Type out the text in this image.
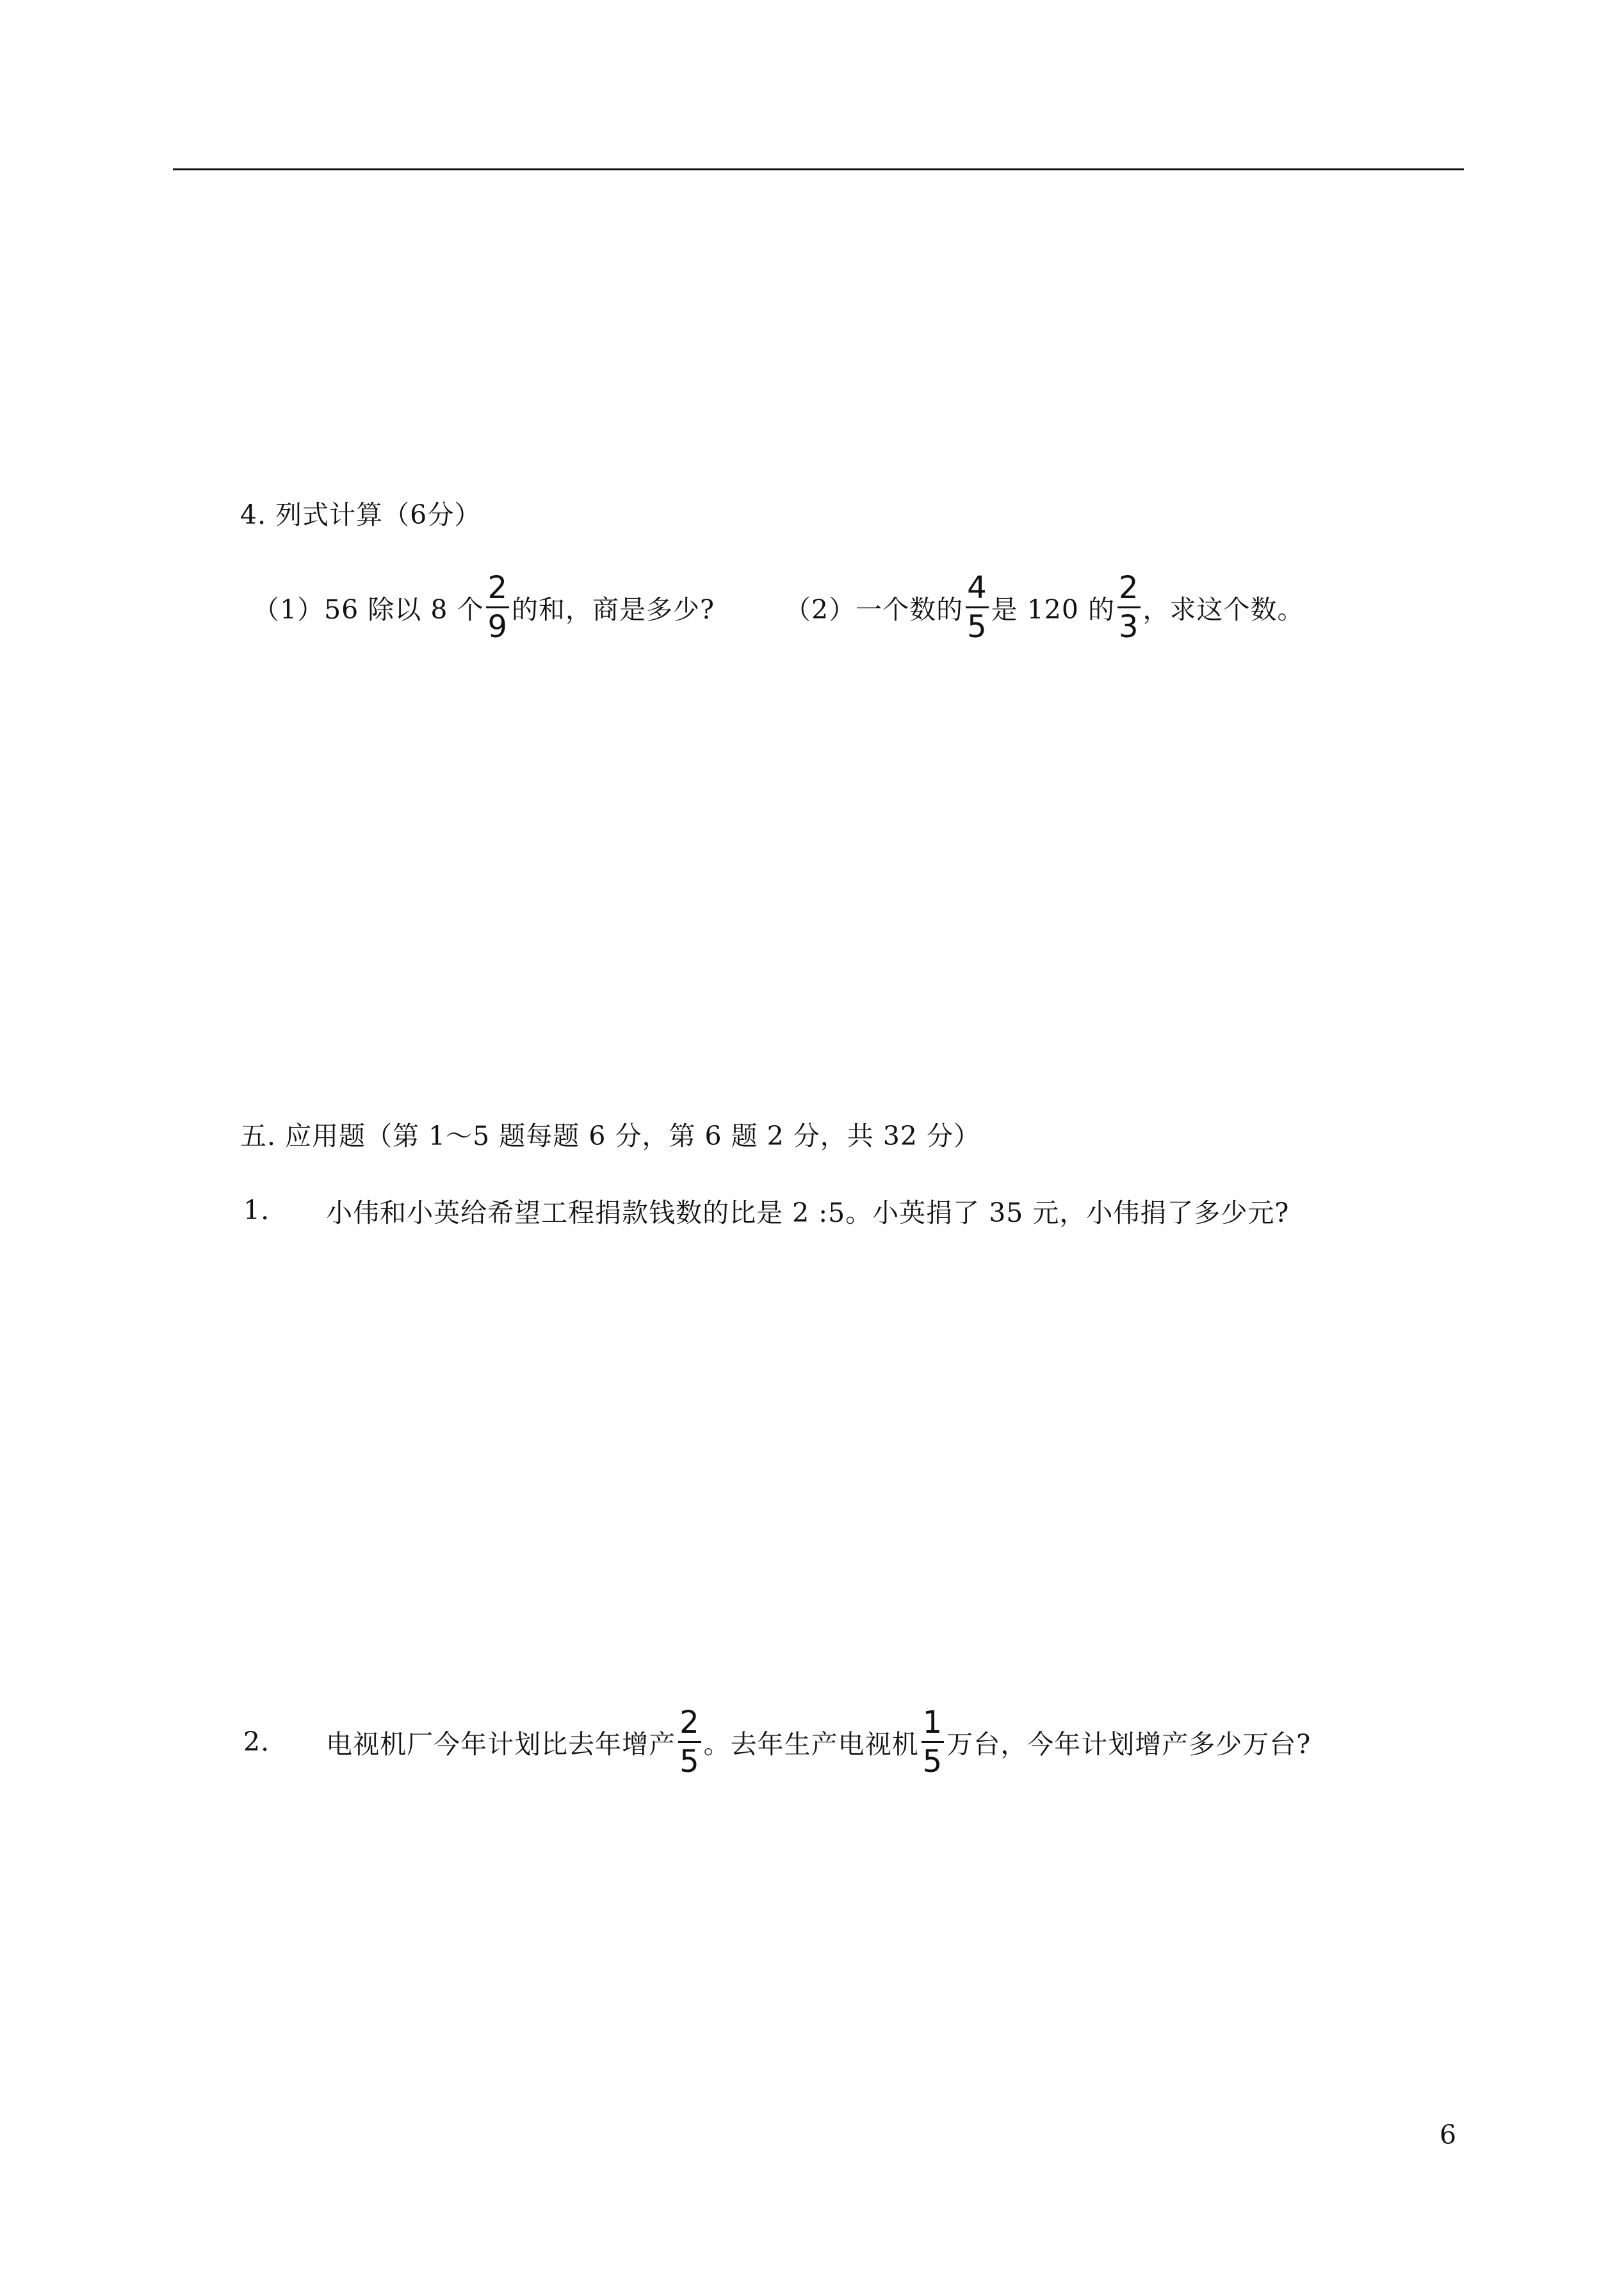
4. 列式计算（6分）
（1）56 除以 8 个 $\frac{2}{9}$ 的和，商是多少?	（2）一个数的 $\frac{4}{5}$ 是 120 的 $\frac{2}{3}$ ，求这个数。
五. 应用题（第 1～5 题每题 6 分，第 6 题 2 分，共 32 分）
1. 小伟和小英给希望工程捐款钱数的比是 2 :5。小英捐了 35 元，小伟捐了多少元?
2. 电视机厂今年计划比去年增产 $\frac{2}{5}$ 。去年生产电视机 $\frac{1}{5}$ 万台，今年计划增产多少万台?
6
